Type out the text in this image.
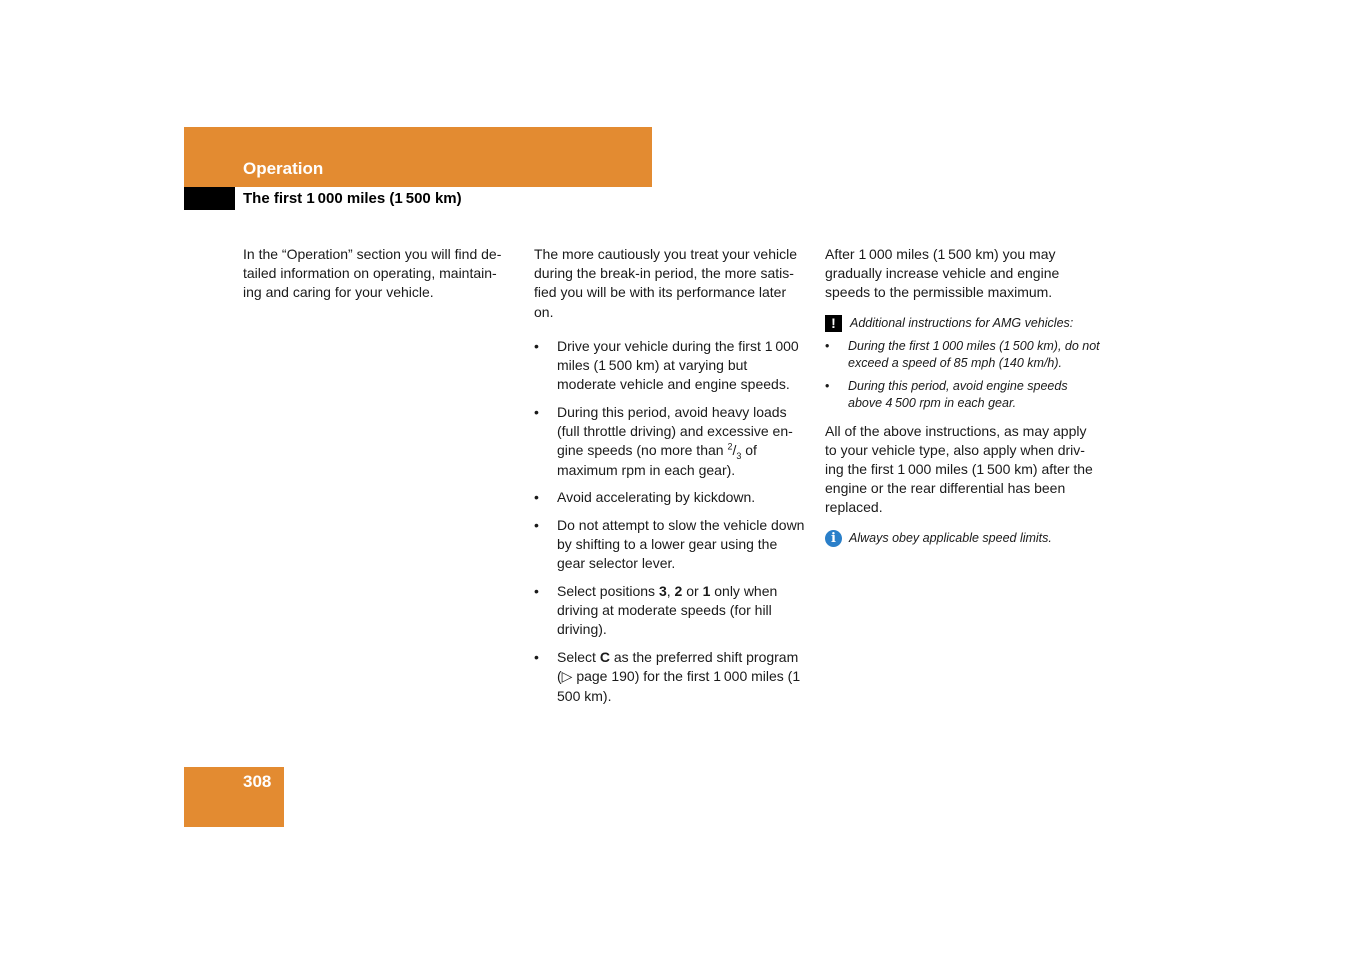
Operation
The first 1 000 miles (1 500 km)

In the “Operation” section you will find de-
tailed information on operating, maintain-
ing and caring for your vehicle.

The more cautiously you treat your vehicle during the break-in period, the more satis-fied you will be with its performance later on.

• Drive your vehicle during the first 1 000 miles (1 500 km) at varying but moderate vehicle and engine speeds.
• During this period, avoid heavy loads (full throttle driving) and excessive en-gine speeds (no more than $^2/_3$ of maximum rpm in each gear).
• Avoid accelerating by kickdown.
• Do not attempt to slow the vehicle down by shifting to a lower gear using the gear selector lever.
• Select positions 3, 2 or 1 only when driving at moderate speeds (for hill driving).
• Select C as the preferred shift program (▷ page 190) for the first 1 000 miles (1 500 km).

After 1 000 miles (1 500 km) you may gradually increase vehicle and engine speeds to the permissible maximum.

!	Additional instructions for AMG vehicles:
• During the first 1 000 miles (1 500 km), do not exceed a speed of 85 mph (140 km/h).
• During this period, avoid engine speeds above 4 500 rpm in each gear.

All of the above instructions, as may apply to your vehicle type, also apply when driv-ing the first 1 000 miles (1 500 km) after the engine or the rear differential has been replaced.

i	Always obey applicable speed limits.
308
